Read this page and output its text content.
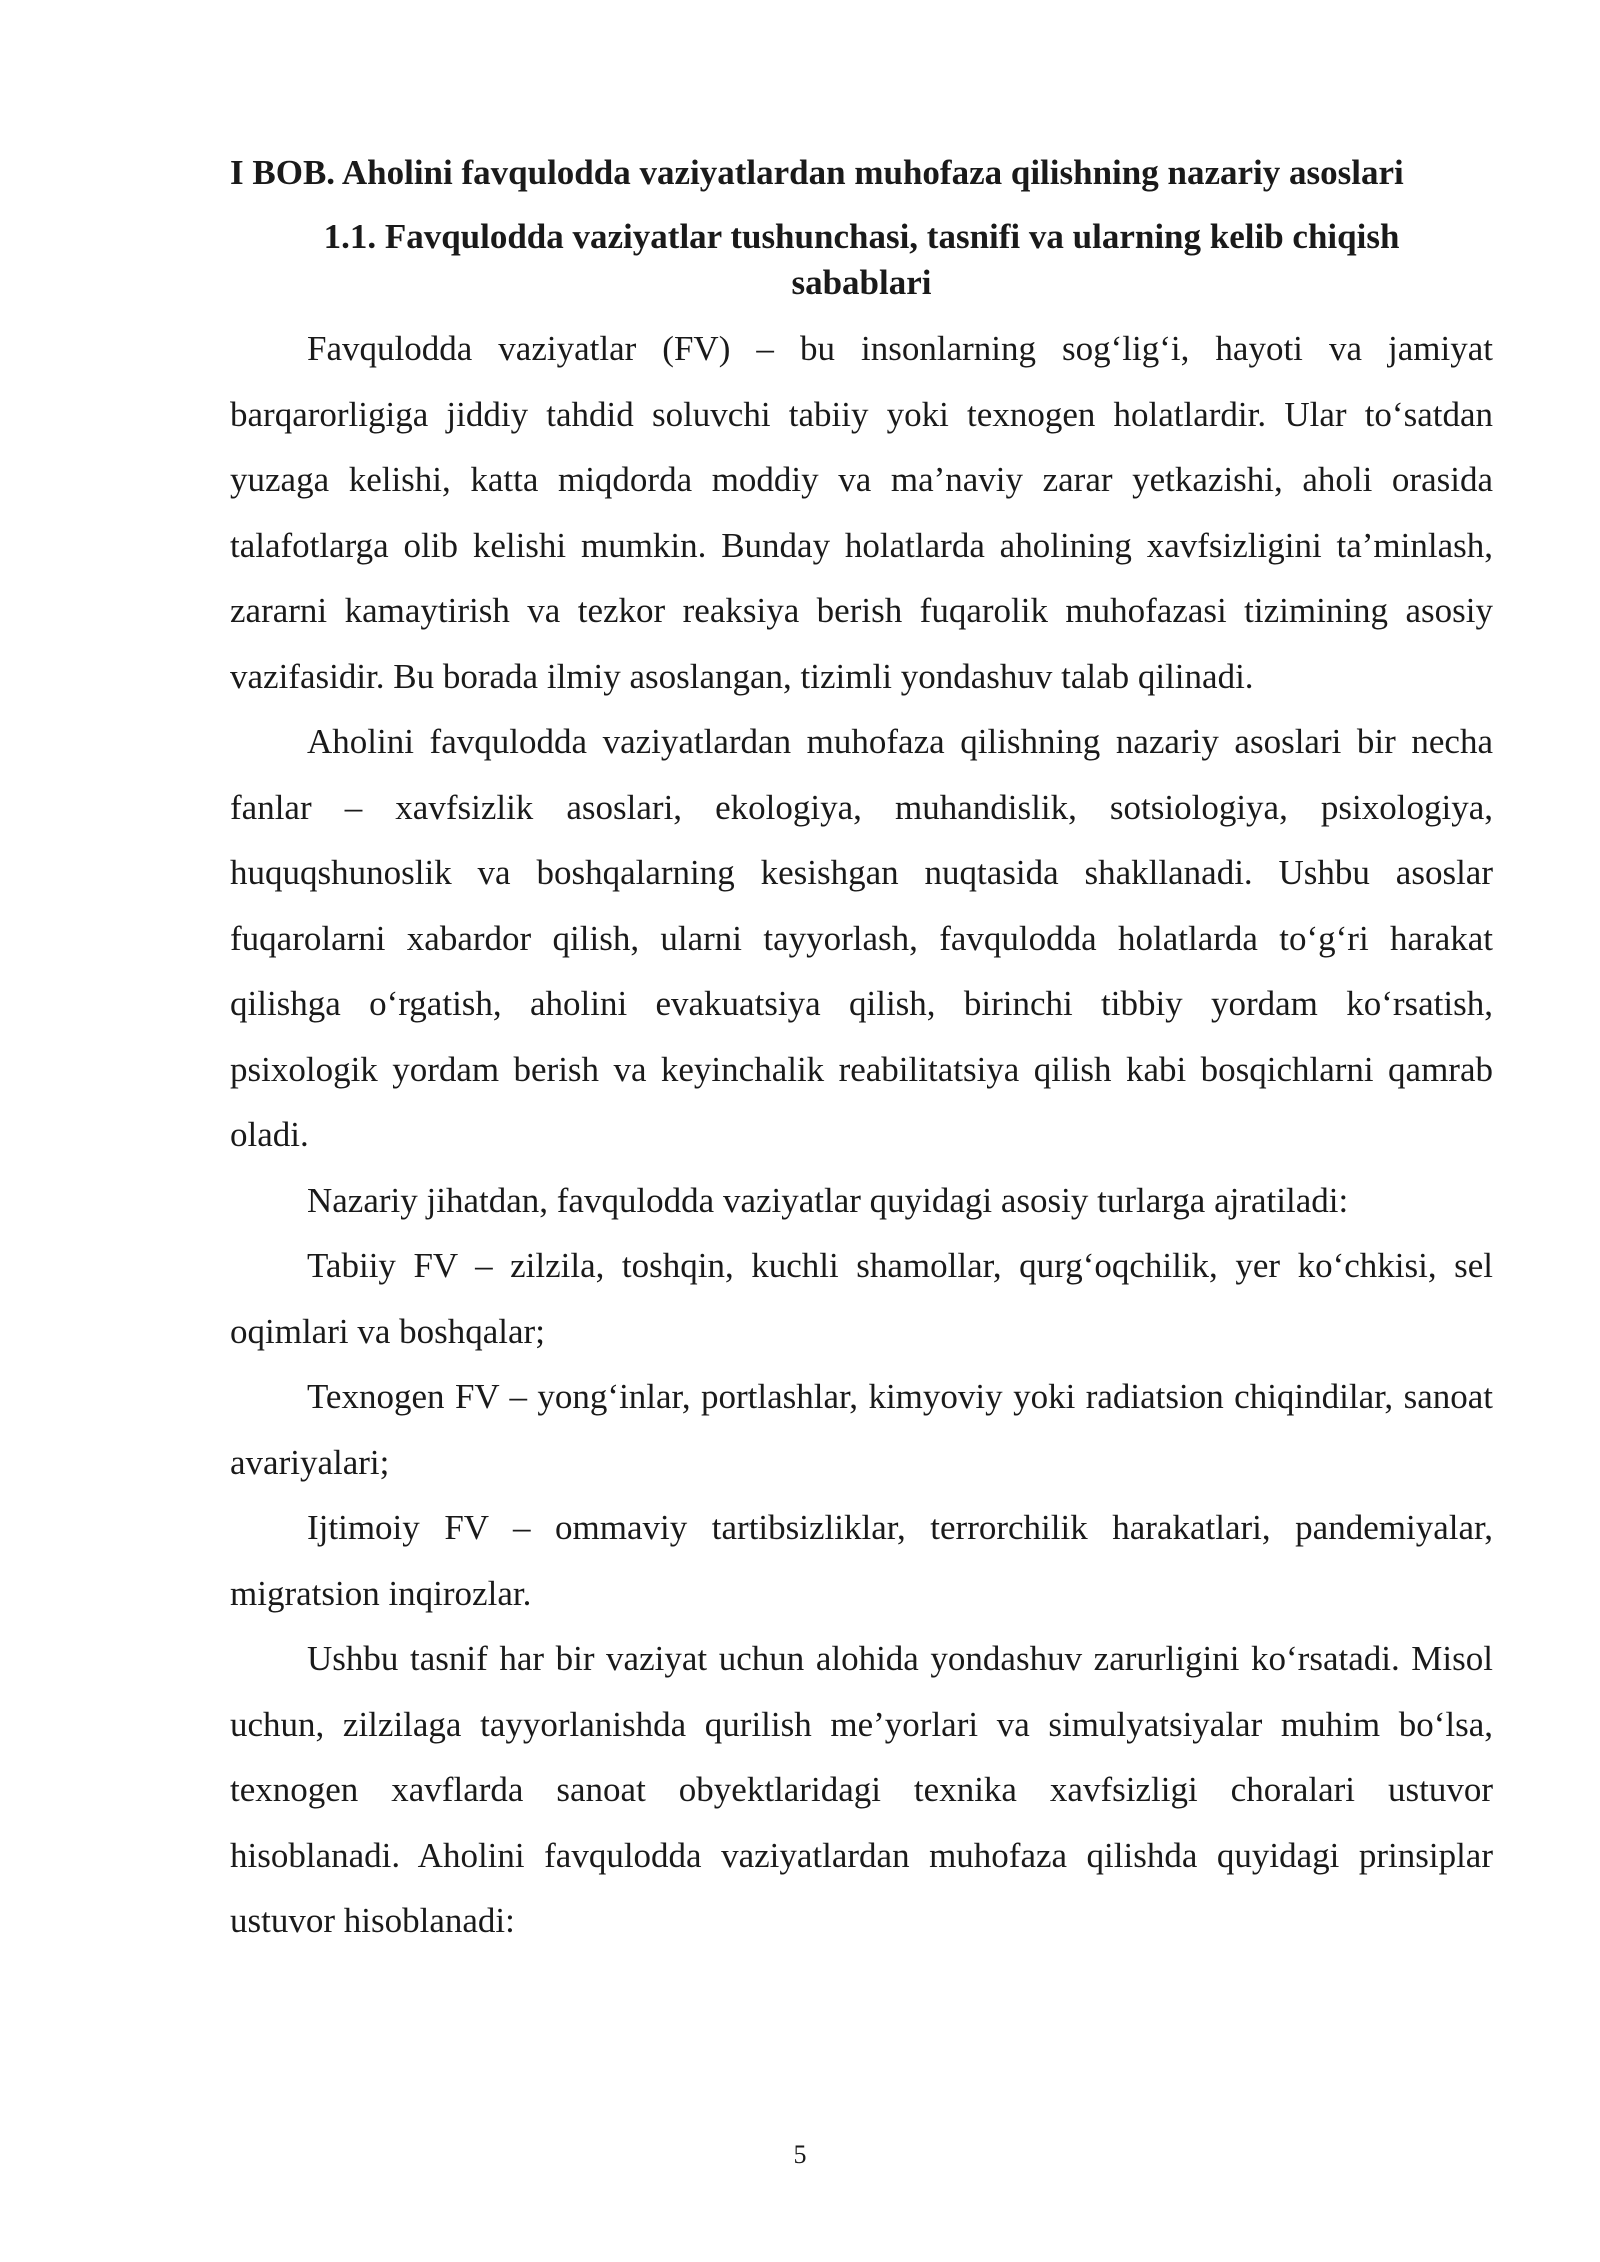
I BOB. Aholini favqulodda vaziyatlardan muhofaza qilishning nazariy asoslari
1.1. Favqulodda vaziyatlar tushunchasi, tasnifi va ularning kelib chiqish
sabablari

Favqulodda vaziyatlar (FV) – bu insonlarning sog‘lig‘i, hayoti va jamiyat barqarorligiga jiddiy tahdid soluvchi tabiiy yoki texnogen holatlardir. Ular to‘satdan yuzaga kelishi, katta miqdorda moddiy va ma’naviy zarar yetkazishi, aholi orasida talafotlarga olib kelishi mumkin. Bunday holatlarda aholining xavfsizligini ta’minlash, zararni kamaytirish va tezkor reaksiya berish fuqarolik muhofazasi tizimining asosiy vazifasidir. Bu borada ilmiy asoslangan, tizimli yondashuv talab qilinadi.

Aholini favqulodda vaziyatlardan muhofaza qilishning nazariy asoslari bir necha fanlar – xavfsizlik asoslari, ekologiya, muhandislik, sotsiologiya, psixologiya, huquqshunoslik va boshqalarning kesishgan nuqtasida shakllanadi. Ushbu asoslar fuqarolarni xabardor qilish, ularni tayyorlash, favqulodda holatlarda to‘g‘ri harakat qilishga o‘rgatish, aholini evakuatsiya qilish, birinchi tibbiy yordam ko‘rsatish, psixologik yordam berish va keyinchalik reabilitatsiya qilish kabi bosqichlarni qamrab oladi.

Nazariy jihatdan, favqulodda vaziyatlar quyidagi asosiy turlarga ajratiladi:

Tabiiy FV – zilzila, toshqin, kuchli shamollar, qurg‘oqchilik, yer ko‘chkisi, sel oqimlari va boshqalar;

Texnogen FV – yong‘inlar, portlashlar, kimyoviy yoki radiatsion chiqindilar, sanoat avariyalari;

Ijtimoiy FV – ommaviy tartibsizliklar, terrorchilik harakatlari, pandemiyalar, migratsion inqirozlar.

Ushbu tasnif har bir vaziyat uchun alohida yondashuv zarurligini ko‘rsatadi. Misol uchun, zilzilaga tayyorlanishda qurilish me’yorlari va simulyatsiyalar muhim bo‘lsa, texnogen xavflarda sanoat obyektlaridagi texnika xavfsizligi choralari ustuvor hisoblanadi. Aholini favqulodda vaziyatlardan muhofaza qilishda quyidagi prinsiplar ustuvor hisoblanadi:

5
